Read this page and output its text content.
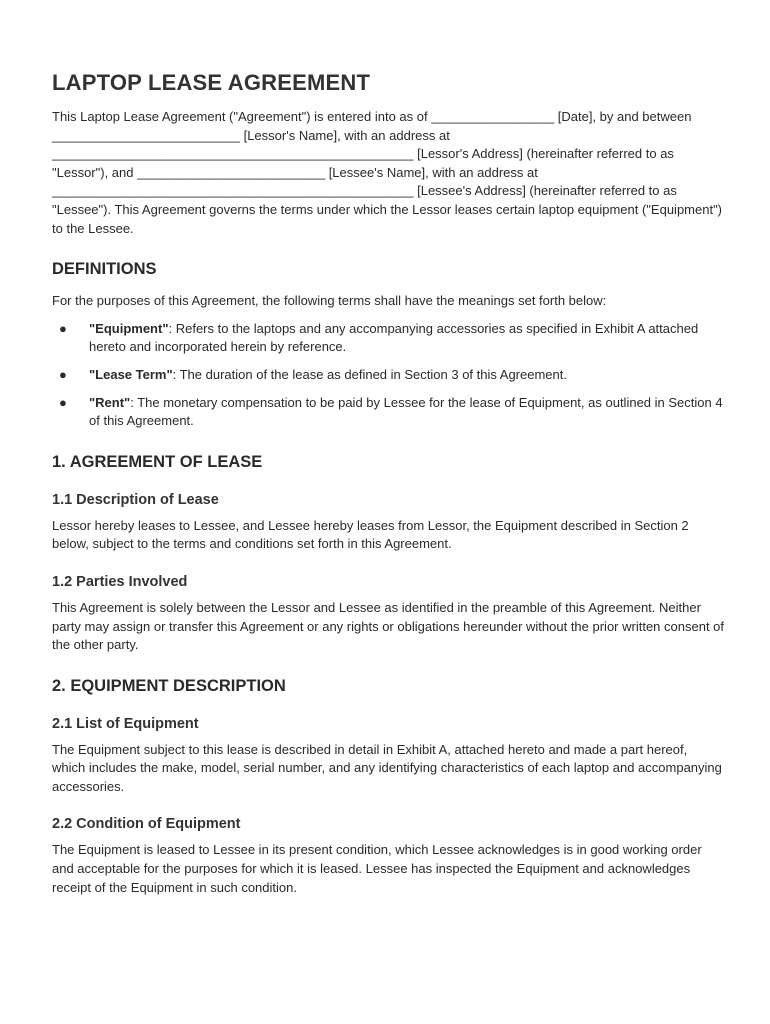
LAPTOP LEASE AGREEMENT

This Laptop Lease Agreement ("Agreement") is entered into as of _________________ [Date], by and between __________________________ [Lessor's Name], with an address at __________________________________________________ [Lessor's Address] (hereinafter referred to as "Lessor"), and __________________________ [Lessee's Name], with an address at __________________________________________________ [Lessee's Address] (hereinafter referred to as "Lessee"). This Agreement governs the terms under which the Lessor leases certain laptop equipment ("Equipment") to the Lessee.

DEFINITIONS

For the purposes of this Agreement, the following terms shall have the meanings set forth below:

● "Equipment": Refers to the laptops and any accompanying accessories as specified in Exhibit A attached hereto and incorporated herein by reference.
● "Lease Term": The duration of the lease as defined in Section 3 of this Agreement.
● "Rent": The monetary compensation to be paid by Lessee for the lease of Equipment, as outlined in Section 4 of this Agreement.
1. AGREEMENT OF LEASE
1.1 Description of Lease

Lessor hereby leases to Lessee, and Lessee hereby leases from Lessor, the Equipment described in Section 2 below, subject to the terms and conditions set forth in this Agreement.

1.2 Parties Involved

This Agreement is solely between the Lessor and Lessee as identified in the preamble of this Agreement. Neither party may assign or transfer this Agreement or any rights or obligations hereunder without the prior written consent of the other party.

2. EQUIPMENT DESCRIPTION
2.1 List of Equipment

The Equipment subject to this lease is described in detail in Exhibit A, attached hereto and made a part hereof, which includes the make, model, serial number, and any identifying characteristics of each laptop and accompanying accessories.

2.2 Condition of Equipment

The Equipment is leased to Lessee in its present condition, which Lessee acknowledges is in good working order and acceptable for the purposes for which it is leased. Lessee has inspected the Equipment and acknowledges receipt of the Equipment in such condition.
